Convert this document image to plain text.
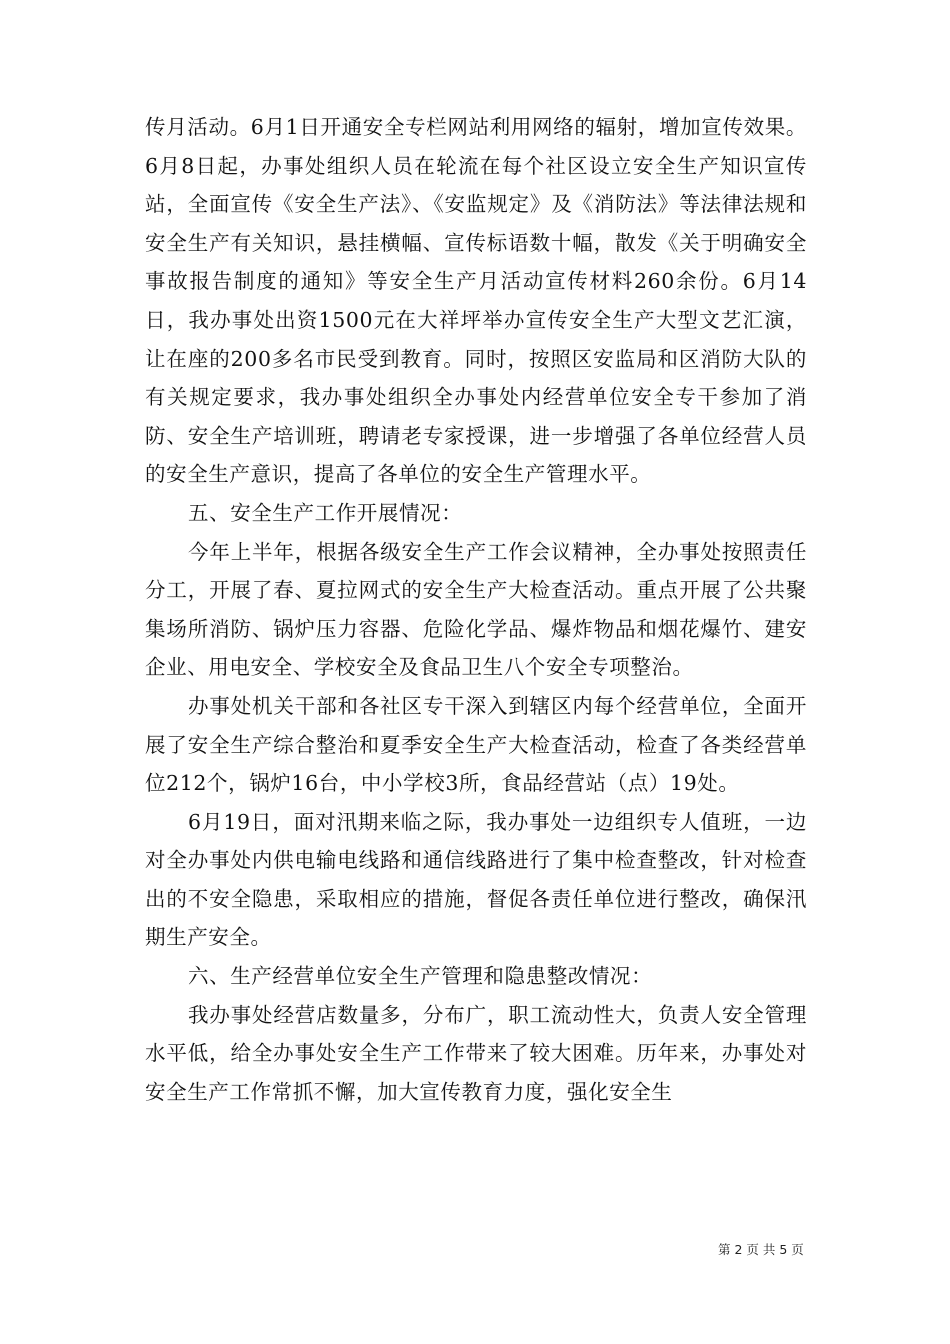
传月活动。6月1日开通安全专栏网站利用网络的辐射，增加宣传效果。6月8日起，办事处组织人员在轮流在每个社区设立安全生产知识宣传站，全面宣传《安全生产法》、《安监规定》及《消防法》等法律法规和安全生产有关知识，悬挂横幅、宣传标语数十幅，散发《关于明确安全事故报告制度的通知》等安全生产月活动宣传材料260余份。6月14日，我办事处出资1500元在大祥坪举办宣传安全生产大型文艺汇演，让在座的200多名市民受到教育。同时，按照区安监局和区消防大队的有关规定要求，我办事处组织全办事处内经营单位安全专干参加了消防、安全生产培训班，聘请老专家授课，进一步增强了各单位经营人员的安全生产意识，提高了各单位的安全生产管理水平。

五、安全生产工作开展情况：

今年上半年，根据各级安全生产工作会议精神，全办事处按照责任分工，开展了春、夏拉网式的安全生产大检查活动。重点开展了公共聚集场所消防、锅炉压力容器、危险化学品、爆炸物品和烟花爆竹、建安企业、用电安全、学校安全及食品卫生八个安全专项整治。

办事处机关干部和各社区专干深入到辖区内每个经营单位，全面开展了安全生产综合整治和夏季安全生产大检查活动，检查了各类经营单位212个，锅炉16台，中小学校3所，食品经营站（点）19处。

6月19日，面对汛期来临之际，我办事处一边组织专人值班，一边对全办事处内供电输电线路和通信线路进行了集中检查整改，针对检查出的不安全隐患，采取相应的措施，督促各责任单位进行整改，确保汛期生产安全。

六、生产经营单位安全生产管理和隐患整改情况：

我办事处经营店数量多，分布广，职工流动性大，负责人安全管理水平低，给全办事处安全生产工作带来了较大困难。历年来，办事处对安全生产工作常抓不懈，加大宣传教育力度，强化安全生

第 2 页 共 5 页
